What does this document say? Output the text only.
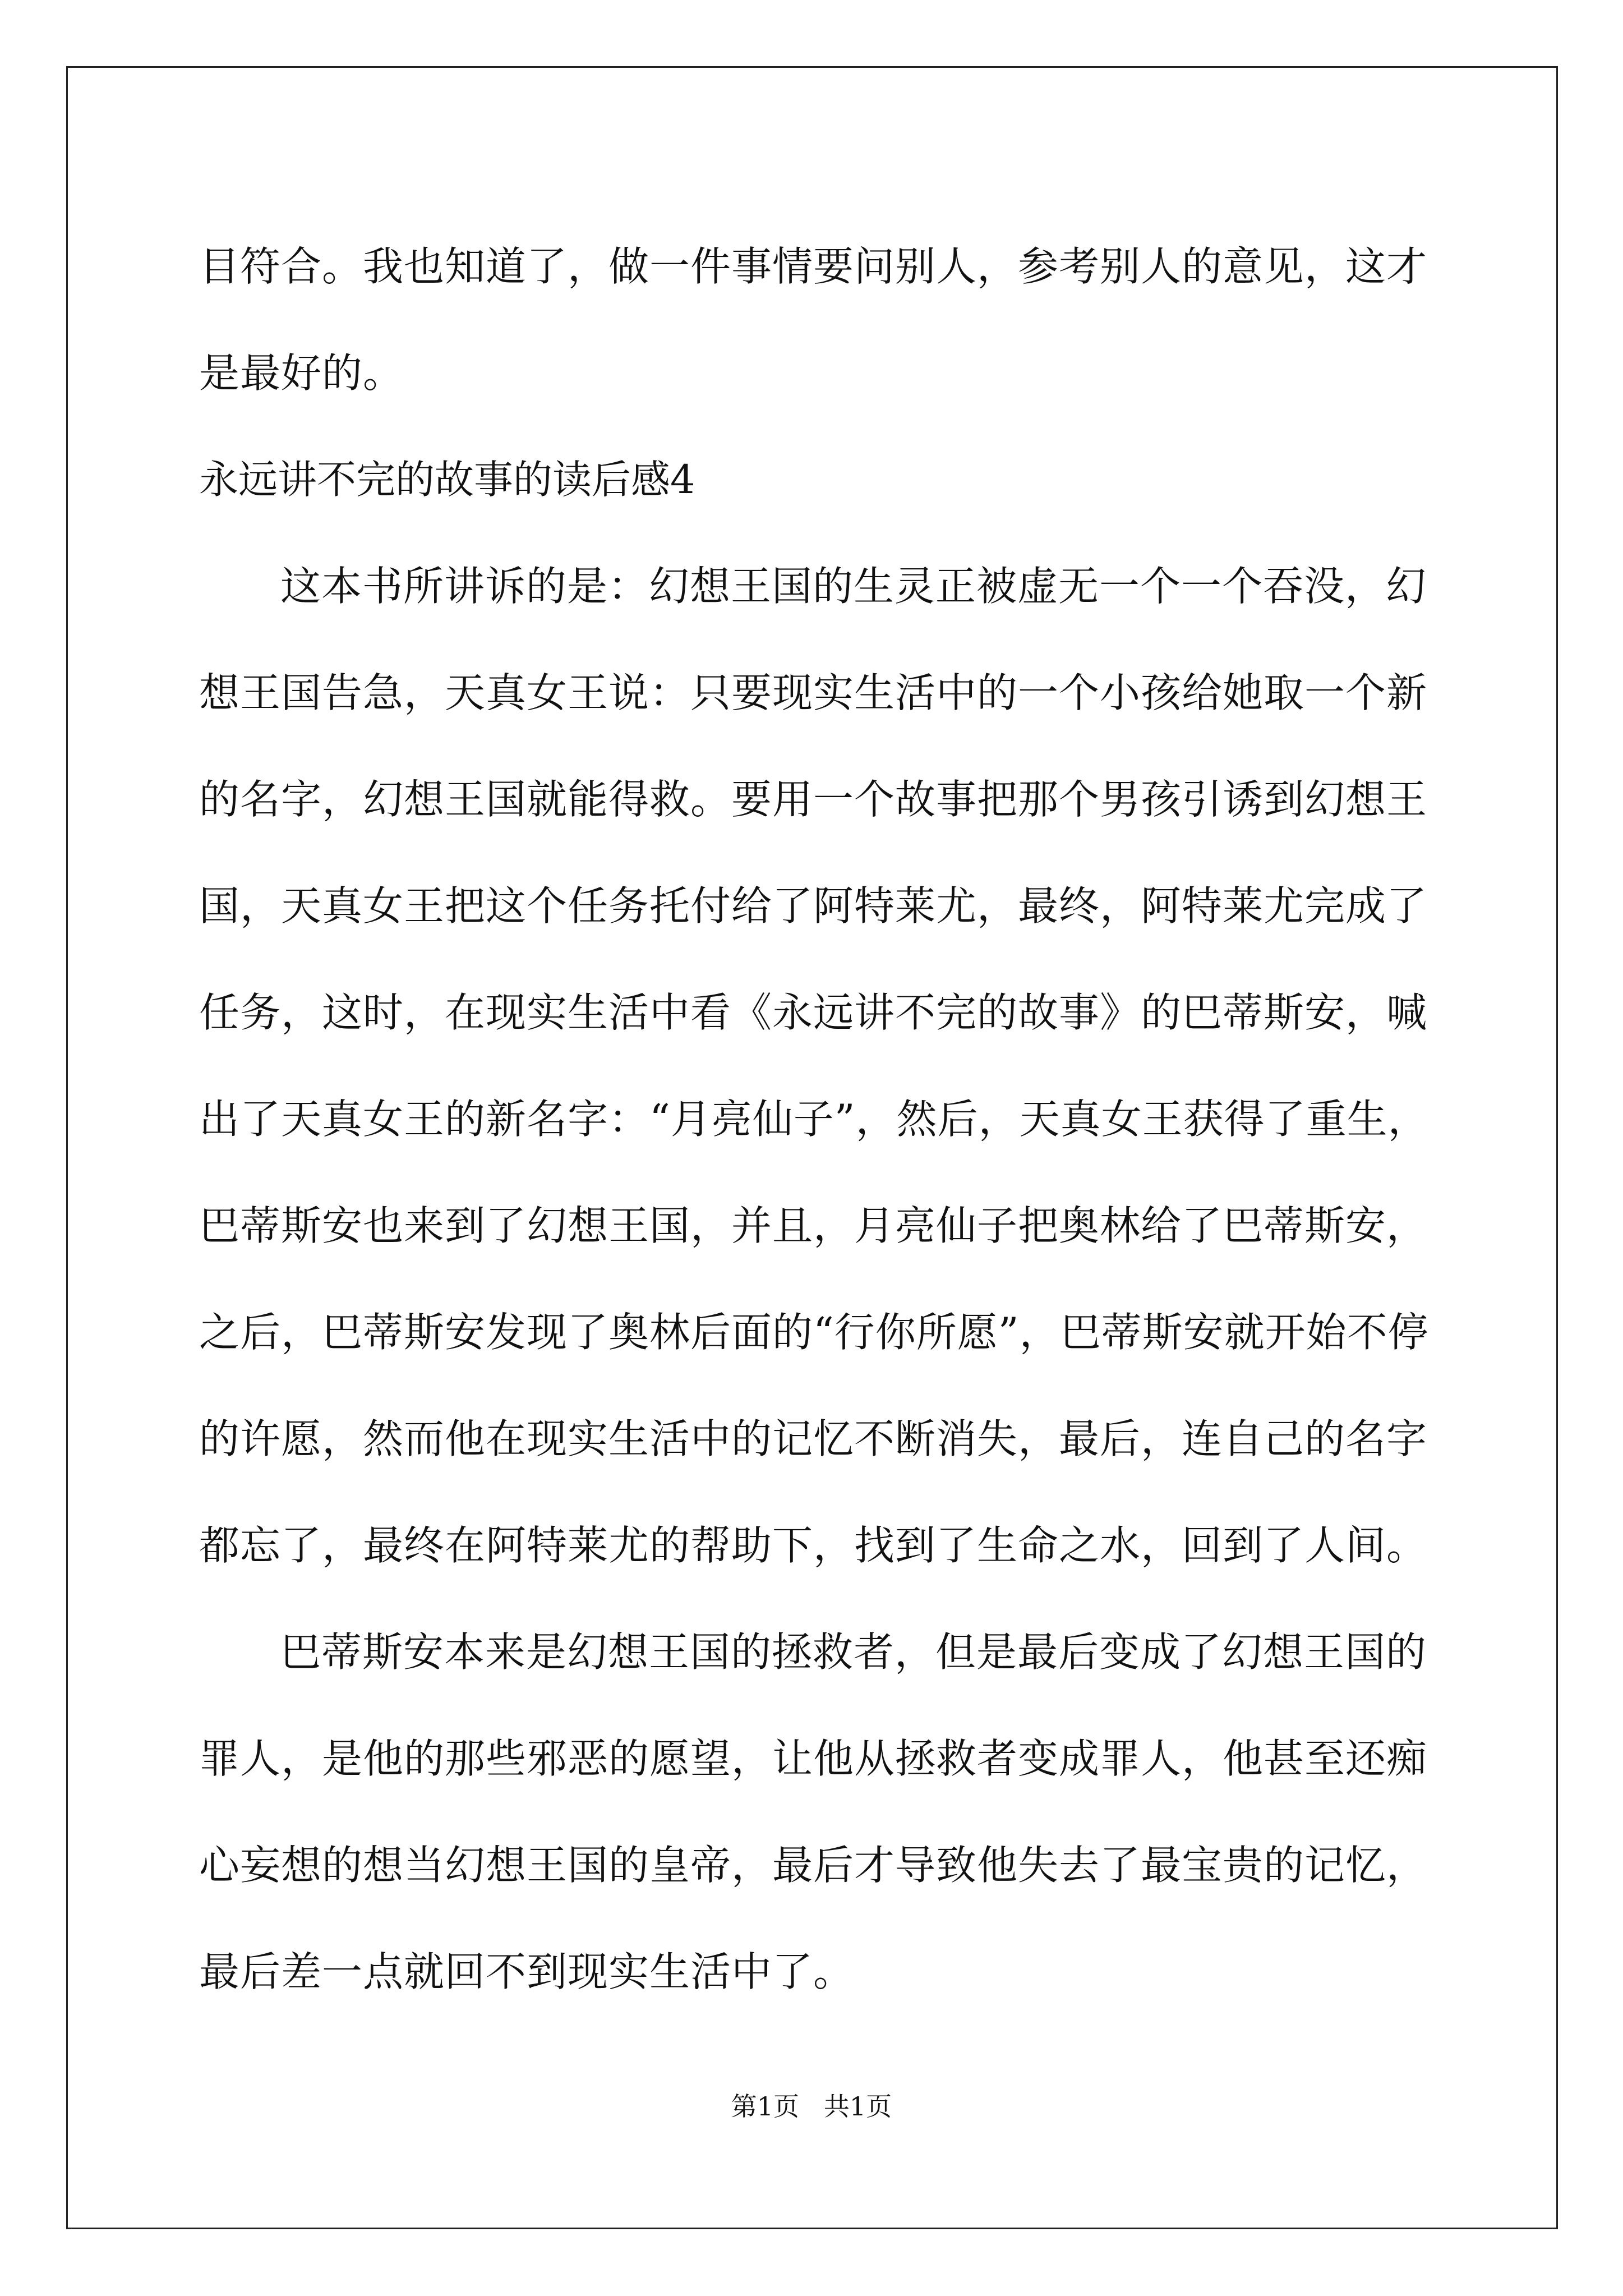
目符合。我也知道了，做一件事情要问别人，参考别人的意见，这才
是最好的。
永远讲不完的故事的读后感4
这本书所讲诉的是：幻想王国的生灵正被虚无一个一个吞没，幻
想王国告急，天真女王说：只要现实生活中的一个小孩给她取一个新
的名字，幻想王国就能得救。要用一个故事把那个男孩引诱到幻想王
国，天真女王把这个任务托付给了阿特莱尤，最终，阿特莱尤完成了
任务，这时，在现实生活中看《永远讲不完的故事》的巴蒂斯安，喊
出了天真女王的新名字：“月亮仙子”，然后，天真女王获得了重生，
巴蒂斯安也来到了幻想王国，并且，月亮仙子把奥林给了巴蒂斯安，
之后，巴蒂斯安发现了奥林后面的“行你所愿”，巴蒂斯安就开始不停
的许愿，然而他在现实生活中的记忆不断消失，最后，连自己的名字
都忘了，最终在阿特莱尤的帮助下，找到了生命之水，回到了人间。
巴蒂斯安本来是幻想王国的拯救者，但是最后变成了幻想王国的
罪人，是他的那些邪恶的愿望，让他从拯救者变成罪人，他甚至还痴
心妄想的想当幻想王国的皇帝，最后才导致他失去了最宝贵的记忆，
最后差一点就回不到现实生活中了。
第1页   共1页
